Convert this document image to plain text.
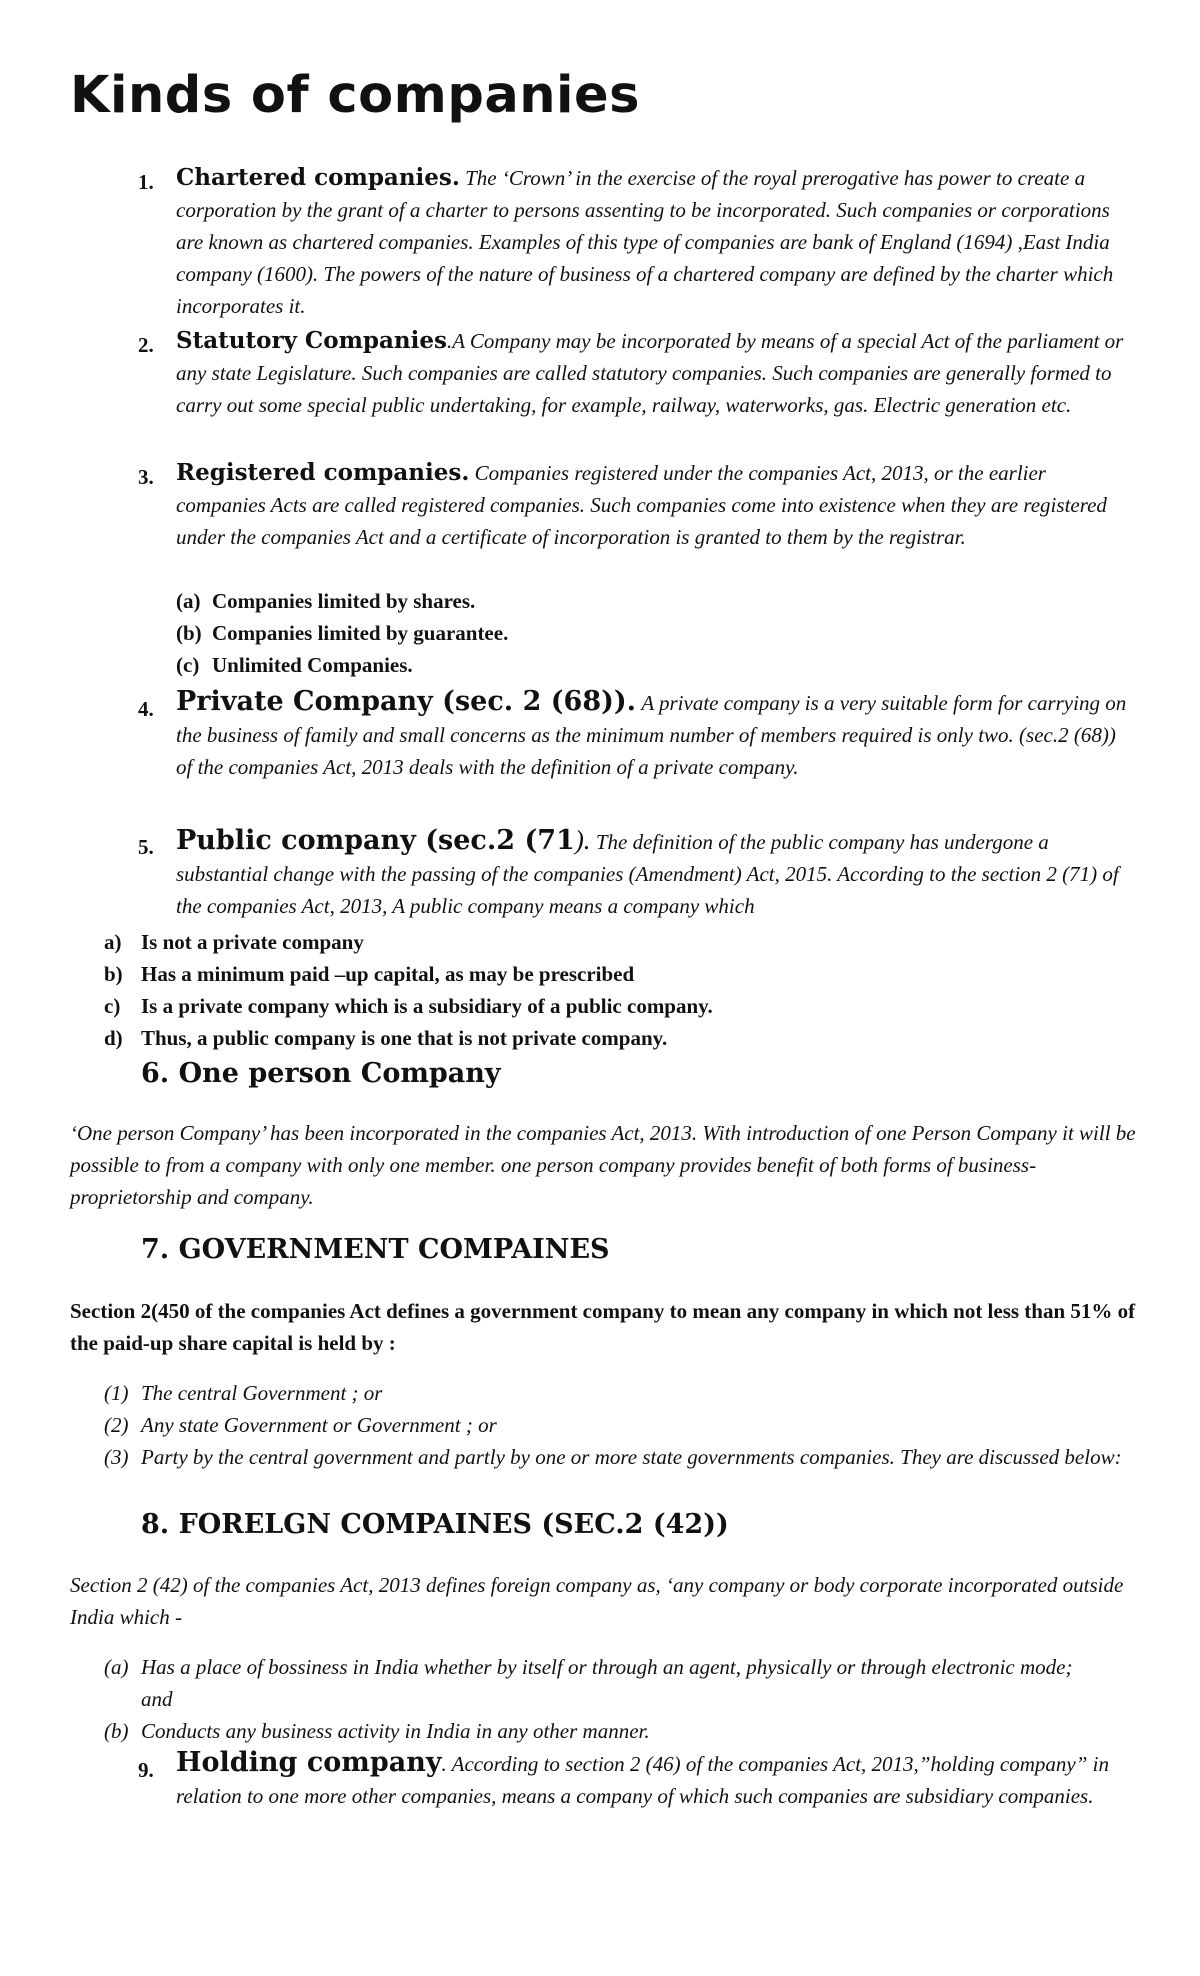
Kinds of companies
1. Chartered companies. The ‘Crown’ in the exercise of the royal prerogative has power to create a corporation by the grant of a charter to persons assenting to be incorporated. Such companies or corporations are known as chartered companies. Examples of this type of companies are bank of England (1694) ,East India company (1600). The powers of the nature of business of a chartered company are defined by the charter which incorporates it.
2. Statutory Companies.A Company may be incorporated by means of a special Act of the parliament or any state Legislature. Such companies are called statutory companies. Such companies are generally formed to carry out some special public undertaking, for example, railway, waterworks, gas. Electric generation etc.
3. Registered companies. Companies registered under the companies Act, 2013, or the earlier companies Acts are called registered companies. Such companies come into existence when they are registered under the companies Act and a certificate of incorporation is granted to them by the registrar.
(a) Companies limited by shares.
(b) Companies limited by guarantee.
(c) Unlimited Companies.
4. Private Company (sec. 2 (68)). A private company is a very suitable form for carrying on the business of family and small concerns as the minimum number of members required is only two. (sec.2 (68)) of the companies Act, 2013 deals with the definition of a private company.
5. Public company (sec.2 (71). The definition of the public company has undergone a substantial change with the passing of the companies (Amendment) Act, 2015. According to the section 2 (71) of the companies Act, 2013, A public company means a company which
a) Is not a private company
b) Has a minimum paid –up capital, as may be prescribed
c) Is a private company which is a subsidiary of a public company.
d) Thus, a public company is one that is not private company.
6. One person Company
‘One person Company’ has been incorporated in the companies Act, 2013. With introduction of one Person Company it will be possible to from a company with only one member. one person company provides benefit of both forms of business- proprietorship and company.
7. GOVERNMENT COMPAINES
Section 2(450 of the companies Act defines a government company to mean any company in which not less than 51% of the paid-up share capital is held by :
(1) The central Government ; or
(2) Any state Government or Government ; or
(3) Party by the central government and partly by one or more state governments companies. They are discussed below:
8. FORELGN COMPAINES (SEC.2 (42))
Section 2 (42) of the companies Act, 2013 defines foreign company as, ‘any company or body corporate incorporated outside India which -
(a) Has a place of bossiness in India whether by itself or through an agent, physically or through electronic mode; and
(b) Conducts any business activity in India in any other manner.
9. Holding company. According to section 2 (46) of the companies Act, 2013,”holding company” in relation to one more other companies, means a company of which such companies are subsidiary companies.
